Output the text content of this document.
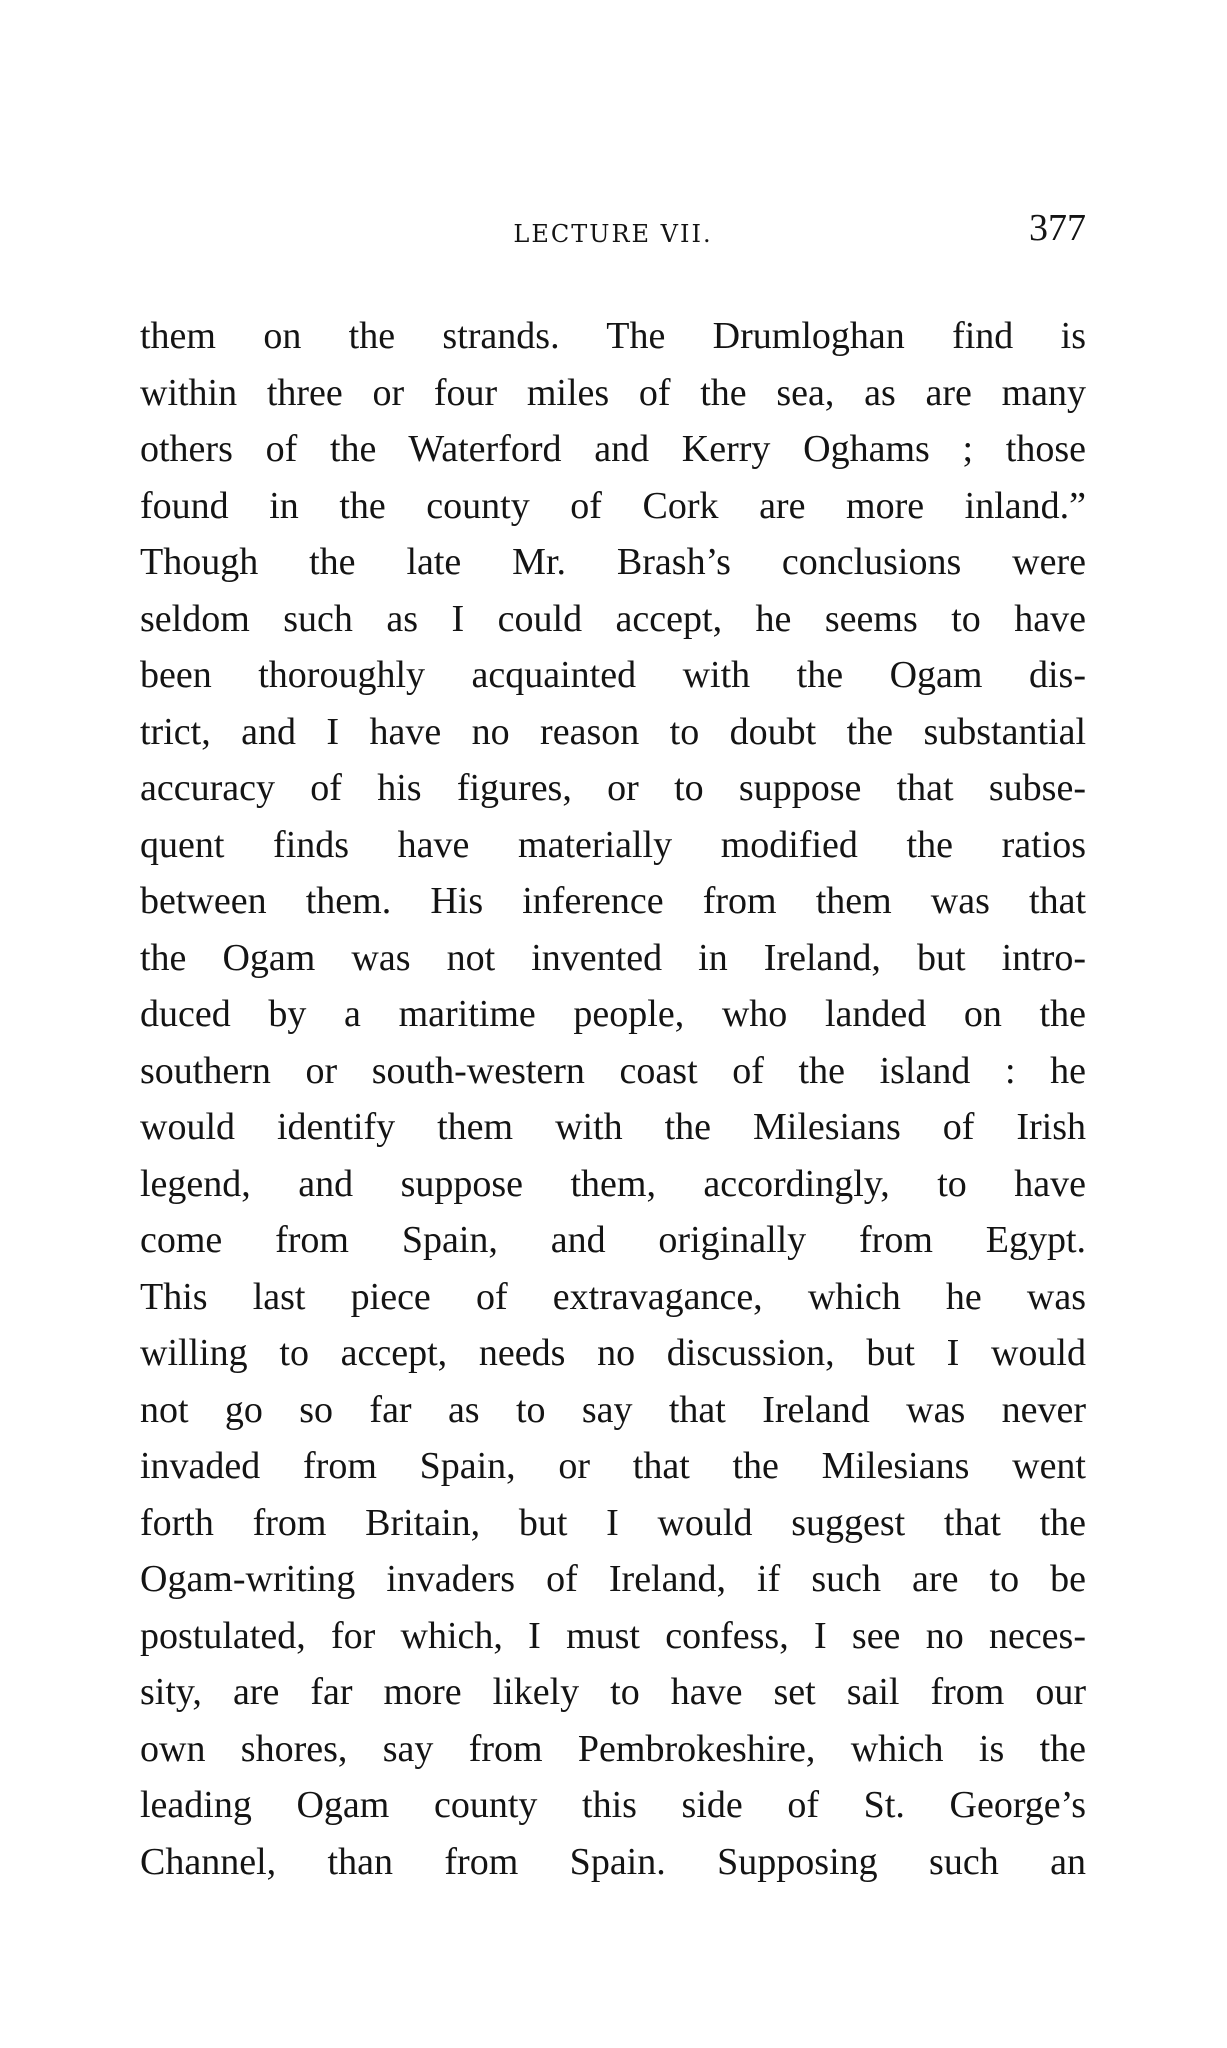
LECTURE VII.	377
them on the strands. The Drumloghan find is
within three or four miles of the sea, as are many
others of the Waterford and Kerry Oghams ; those
found in the county of Cork are more inland.”
Though the late Mr. Brash’s conclusions were
seldom such as I could accept, he seems to have
been thoroughly acquainted with the Ogam dis-
trict, and I have no reason to doubt the substantial
accuracy of his figures, or to suppose that subse-
quent finds have materially modified the ratios
between them. His inference from them was that
the Ogam was not invented in Ireland, but intro-
duced by a maritime people, who landed on the
southern or south-western coast of the island : he
would identify them with the Milesians of Irish
legend, and suppose them, accordingly, to have
come from Spain, and originally from Egypt.
This last piece of extravagance, which he was
willing to accept, needs no discussion, but I would
not go so far as to say that Ireland was never
invaded from Spain, or that the Milesians went
forth from Britain, but I would suggest that the
Ogam-writing invaders of Ireland, if such are to be
postulated, for which, I must confess, I see no neces-
sity, are far more likely to have set sail from our
own shores, say from Pembrokeshire, which is the
leading Ogam county this side of St. George’s
Channel, than from Spain. Supposing such an
